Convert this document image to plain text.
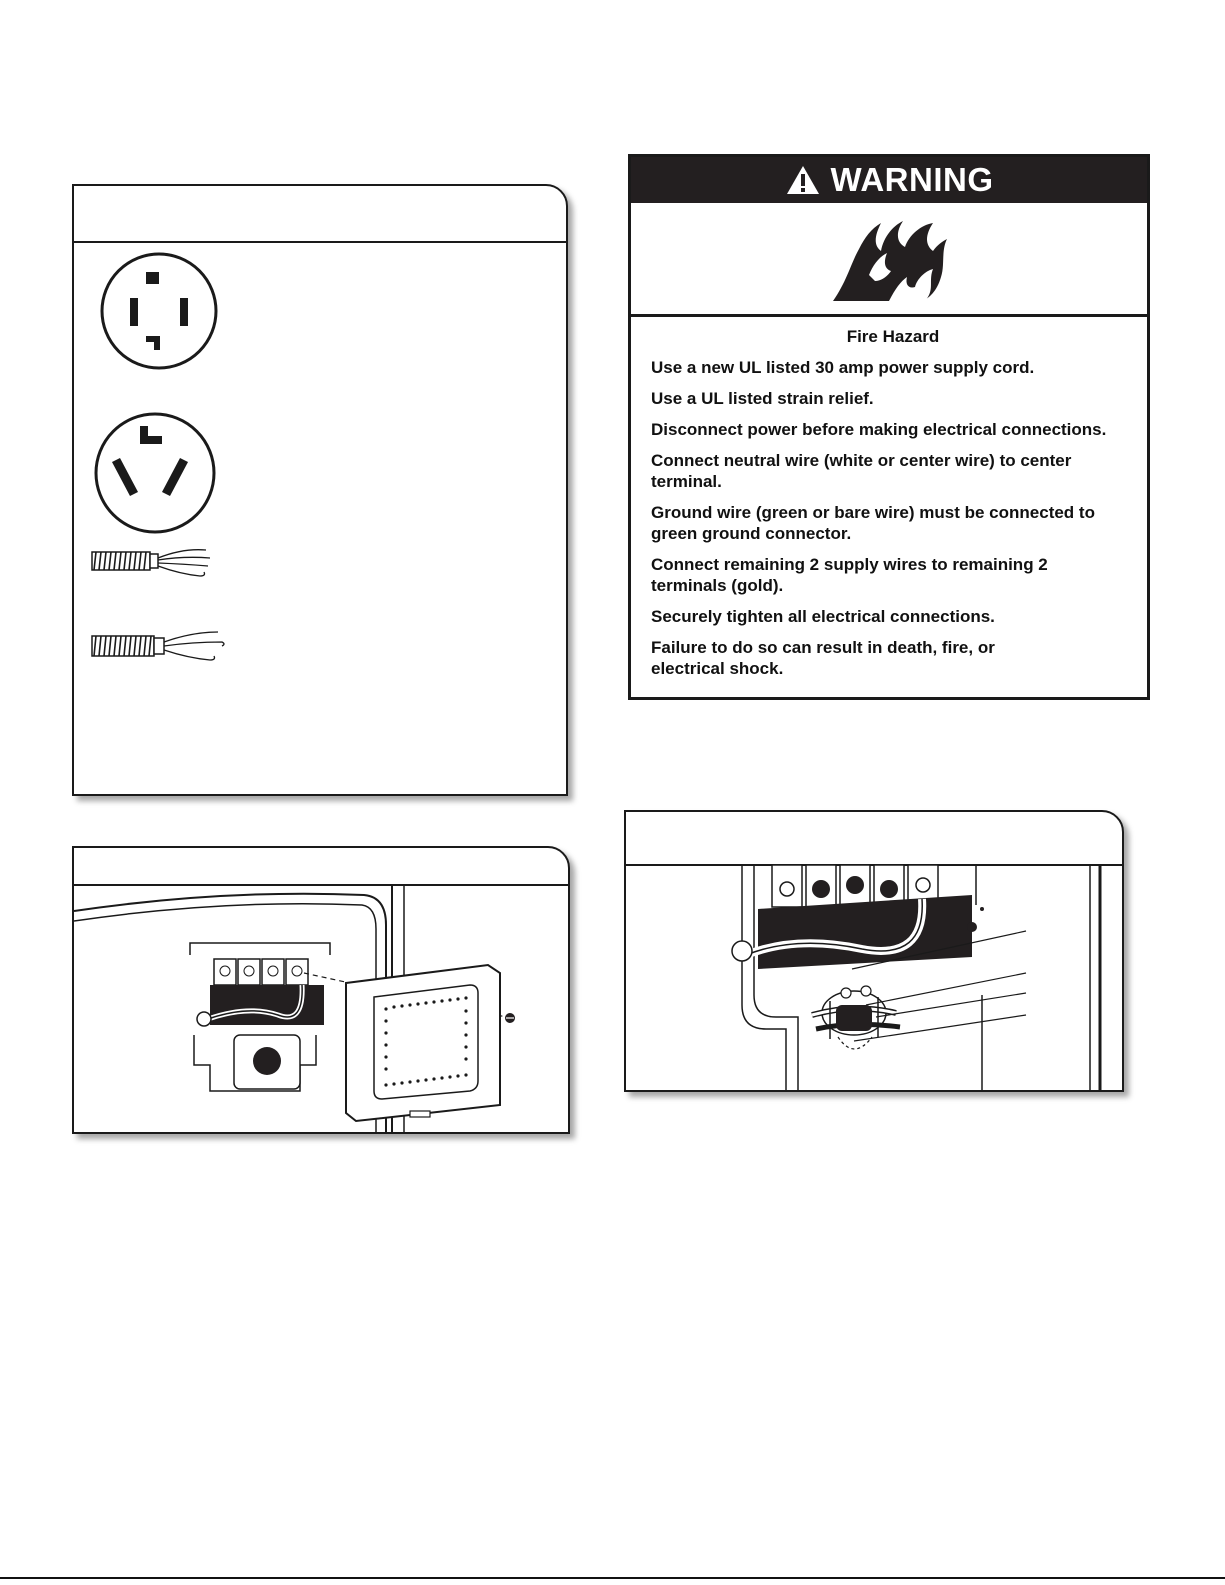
WARNING
Fire Hazard

Use a new UL listed 30 amp power supply cord.

Use a UL listed strain relief.

Disconnect power before making electrical connections.

Connect neutral wire (white or center wire) to center terminal.

Ground wire (green or bare wire) must be connected to green ground connector.

Connect remaining 2 supply wires to remaining 2 terminals (gold).

Securely tighten all electrical connections.

Failure to do so can result in death, fire, or electrical shock.
